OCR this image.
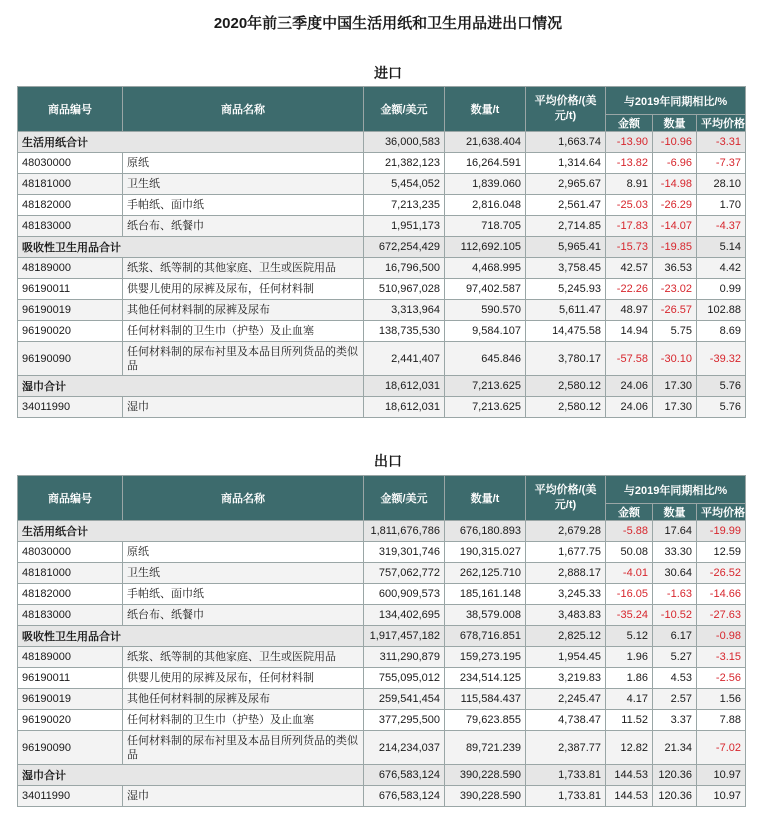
2020年前三季度中国生活用纸和卫生用品进出口情况
进口
商品编号	商品名称	金额/美元	数量/t	平均价格/(美元/t)	与2019年同期相比/%		
					金额	数量	平均价格
生活用纸合计		36,000,583	21,638.404	1,663.74	-13.90	-10.96	-3.31
48030000	原纸	21,382,123	16,264.591	1,314.64	-13.82	-6.96	-7.37
48181000	卫生纸	5,454,052	1,839.060	2,965.67	8.91	-14.98	28.10
48182000	手帕纸、面巾纸	7,213,235	2,816.048	2,561.47	-25.03	-26.29	1.70
48183000	纸台布、纸餐巾	1,951,173	718.705	2,714.85	-17.83	-14.07	-4.37
吸收性卫生用品合计		672,254,429	112,692.105	5,965.41	-15.73	-19.85	5.14
48189000	纸浆、纸等制的其他家庭、卫生或医院用品	16,796,500	4,468.995	3,758.45	42.57	36.53	4.42
96190011	供婴儿使用的尿裤及尿布，任何材料制	510,967,028	97,402.587	5,245.93	-22.26	-23.02	0.99
96190019	其他任何材料制的尿裤及尿布	3,313,964	590.570	5,611.47	48.97	-26.57	102.88
96190020	任何材料制的卫生巾（护垫）及止血塞	138,735,530	9,584.107	14,475.58	14.94	5.75	8.69
96190090	任何材料制的尿布衬里及本品目所列货品的类似品	2,441,407	645.846	3,780.17	-57.58	-30.10	-39.32
湿巾合计		18,612,031	7,213.625	2,580.12	24.06	17.30	5.76
34011990	湿巾	18,612,031	7,213.625	2,580.12	24.06	17.30	5.76
出口
商品编号	商品名称	金额/美元	数量/t	平均价格/(美元/t)	与2019年同期相比/%		
					金额	数量	平均价格
生活用纸合计		1,811,676,786	676,180.893	2,679.28	-5.88	17.64	-19.99
48030000	原纸	319,301,746	190,315.027	1,677.75	50.08	33.30	12.59
48181000	卫生纸	757,062,772	262,125.710	2,888.17	-4.01	30.64	-26.52
48182000	手帕纸、面巾纸	600,909,573	185,161.148	3,245.33	-16.05	-1.63	-14.66
48183000	纸台布、纸餐巾	134,402,695	38,579.008	3,483.83	-35.24	-10.52	-27.63
吸收性卫生用品合计		1,917,457,182	678,716.851	2,825.12	5.12	6.17	-0.98
48189000	纸浆、纸等制的其他家庭、卫生或医院用品	311,290,879	159,273.195	1,954.45	1.96	5.27	-3.15
96190011	供婴儿使用的尿裤及尿布，任何材料制	755,095,012	234,514.125	3,219.83	1.86	4.53	-2.56
96190019	其他任何材料制的尿裤及尿布	259,541,454	115,584.437	2,245.47	4.17	2.57	1.56
96190020	任何材料制的卫生巾（护垫）及止血塞	377,295,500	79,623.855	4,738.47	11.52	3.37	7.88
96190090	任何材料制的尿布衬里及本品目所列货品的类似品	214,234,037	89,721.239	2,387.77	12.82	21.34	-7.02
湿巾合计		676,583,124	390,228.590	1,733.81	144.53	120.36	10.97
34011990	湿巾	676,583,124	390,228.590	1,733.81	144.53	120.36	10.97
